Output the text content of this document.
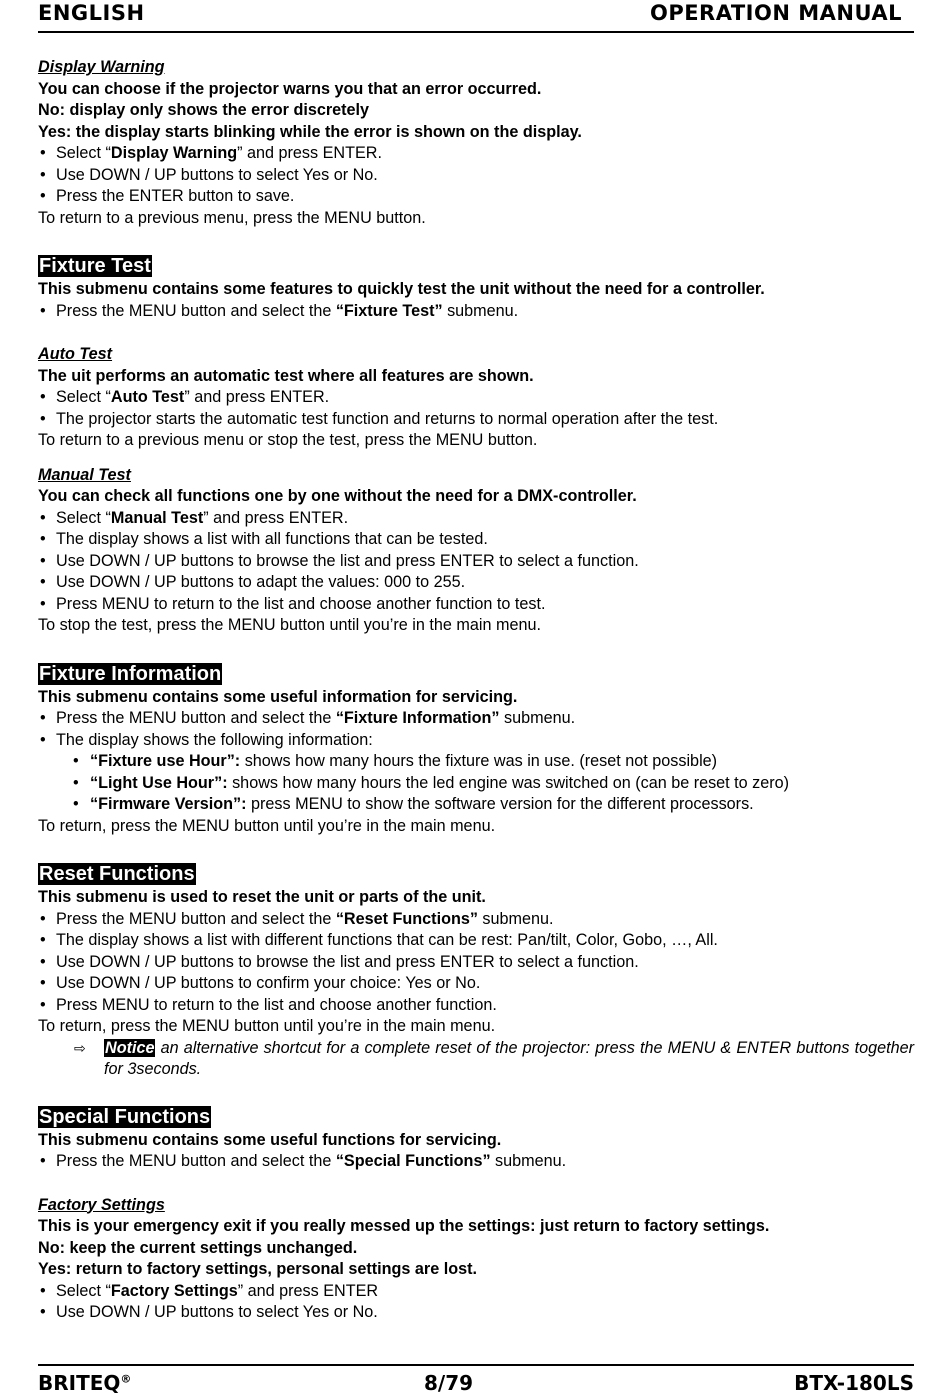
ENGLISH	OPERATION MANUAL
Display Warning
You can choose if the projector warns you that an error occurred.
No: display only shows the error discretely
Yes: the display starts blinking while the error is shown on the display.
• Select “Display Warning” and press ENTER.
• Use DOWN / UP buttons to select Yes or No.
• Press the ENTER button to save.
To return to a previous menu, press the MENU button.
Fixture Test
This submenu contains some features to quickly test the unit without the need for a controller.
• Press the MENU button and select the “Fixture Test” submenu.
Auto Test
The uit performs an automatic test where all features are shown.
• Select “Auto Test” and press ENTER.
• The projector starts the automatic test function and returns to normal operation after the test.
To return to a previous menu or stop the test, press the MENU button.
Manual Test
You can check all functions one by one without the need for a DMX-controller.
• Select “Manual Test” and press ENTER.
• The display shows a list with all functions that can be tested.
• Use DOWN / UP buttons to browse the list and press ENTER to select a function.
• Use DOWN / UP buttons to adapt the values: 000 to 255.
• Press MENU to return to the list and choose another function to test.
To stop the test, press the MENU button until you’re in the main menu.
Fixture Information
This submenu contains some useful information for servicing.
• Press the MENU button and select the “Fixture Information” submenu.
• The display shows the following information:
• “Fixture use Hour”: shows how many hours the fixture was in use. (reset not possible)
• “Light Use Hour”: shows how many hours the led engine was switched on (can be reset to zero)
• “Firmware Version”: press MENU to show the software version for the different processors.
To return, press the MENU button until you’re in the main menu.
Reset Functions
This submenu is used to reset the unit or parts of the unit.
• Press the MENU button and select the “Reset Functions” submenu.
• The display shows a list with different functions that can be rest: Pan/tilt, Color, Gobo, …, All.
• Use DOWN / UP buttons to browse the list and press ENTER to select a function.
• Use DOWN / UP buttons to confirm your choice: Yes or No.
• Press MENU to return to the list and choose another function.
To return, press the MENU button until you’re in the main menu.
⇨ Notice an alternative shortcut for a complete reset of the projector: press the MENU & ENTER buttons together for 3seconds.
Special Functions
This submenu contains some useful functions for servicing.
• Press the MENU button and select the “Special Functions” submenu.
Factory Settings
This is your emergency exit if you really messed up the settings: just return to factory settings.
No: keep the current settings unchanged.
Yes: return to factory settings, personal settings are lost.
• Select “Factory Settings” and press ENTER
• Use DOWN / UP buttons to select Yes or No.
BRITEQ®	8/79	BTX-180LS
